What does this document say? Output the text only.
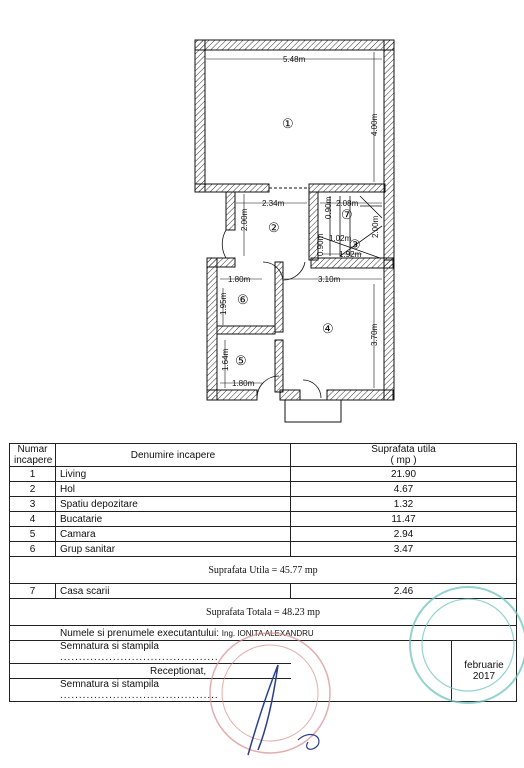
5.48m
4.00m
2.34m
2.00m
2.08m
0.90m
2.00m
1.02m
0.90m 1.92m
1.80m	3.10m
1.95m
3.70m
1.64m
1.80m
①
②
③
④
⑤
⑥
⑦
Numar incapere	Denumire incapere	Suprafata utila
( mp )

1	Living	21.90
2	Hol	4.67
3	Spatiu depozitare	1.32
4	Bucatarie	11.47
5	Camara	2.94
6	Grup sanitar	3.47
Suprafata Utila = 45.77 mp		
7	Casa scarii	2.46
Suprafata Totala = 48.23 mp		
Numele si prenumele executantului: Ing. IONITA ALEXANDRU		
Semnatura si stampila ..........................................		februarie 2017

Receptionat,		
Semnatura si stampila ..........................................		
